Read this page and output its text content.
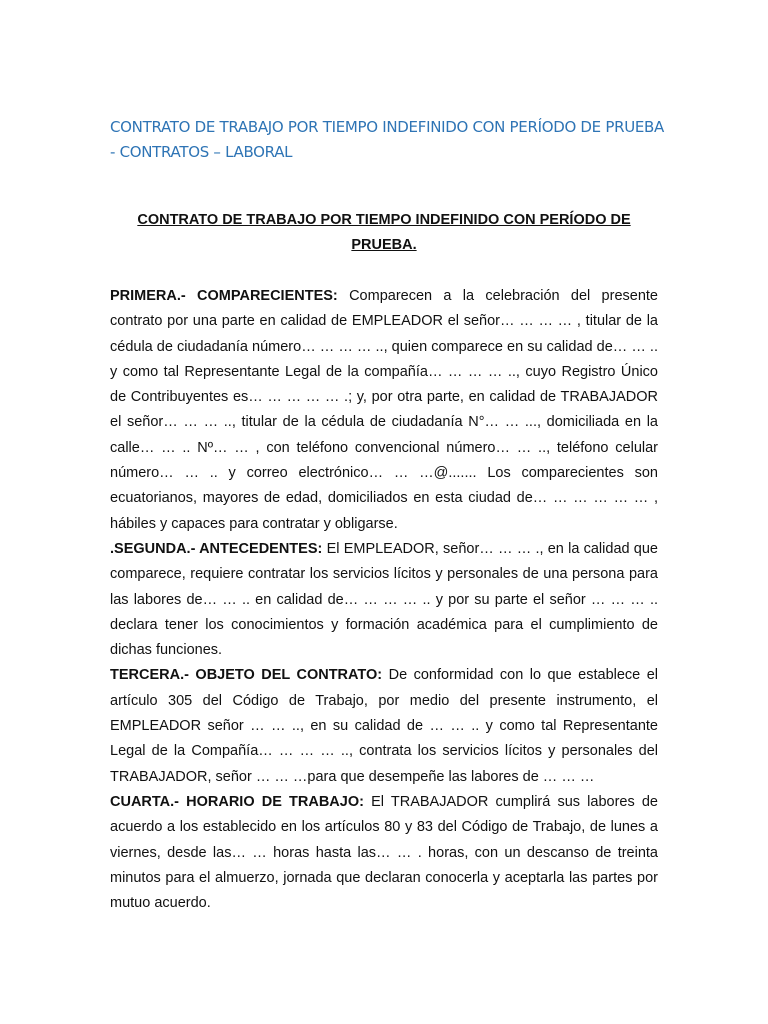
CONTRATO DE TRABAJO POR TIEMPO INDEFINIDO CON PERÍODO DE PRUEBA
- CONTRATOS – LABORAL
CONTRATO DE TRABAJO POR TIEMPO INDEFINIDO CON PERÍODO DE PRUEBA.

PRIMERA.- COMPARECIENTES: Comparecen a la celebración del presente contrato por una parte en calidad de EMPLEADOR el señor… … … … , titular de la cédula de ciudadanía número… … … … .., quien comparece en su calidad de… … .. y como tal Representante Legal de la compañía… … … … .., cuyo Registro Único de Contribuyentes es… … … … … .; y, por otra parte, en calidad de TRABAJADOR el señor… … … .., titular de la cédula de ciudadanía N°… … ..., domiciliada en la calle… … .. Nº… … , con teléfono convencional número… … .., teléfono celular número… … .. y correo electrónico… … …@....... Los comparecientes son ecuatorianos, mayores de edad, domiciliados en esta ciudad de… … … … … … , hábiles y capaces para contratar y obligarse.

.SEGUNDA.- ANTECEDENTES: El EMPLEADOR, señor… … … ., en la calidad que comparece, requiere contratar los servicios lícitos y personales de una persona para las labores de… … .. en calidad de… … … … .. y por su parte el señor … … … .. declara tener los conocimientos y formación académica para el cumplimiento de dichas funciones.

TERCERA.- OBJETO DEL CONTRATO: De conformidad con lo que establece el artículo 305 del Código de Trabajo, por medio del presente instrumento, el EMPLEADOR señor … … .., en su calidad de … … .. y como tal Representante Legal de la Compañía… … … … .., contrata los servicios lícitos y personales del TRABAJADOR, señor … … …para que desempeñe las labores de … … …

CUARTA.- HORARIO DE TRABAJO: El TRABAJADOR cumplirá sus labores de acuerdo a los establecido en los artículos 80 y 83 del Código de Trabajo, de lunes a viernes, desde las… … horas hasta las… … . horas, con un descanso de treinta minutos para el almuerzo, jornada que declaran conocerla y aceptarla las partes por mutuo acuerdo.
